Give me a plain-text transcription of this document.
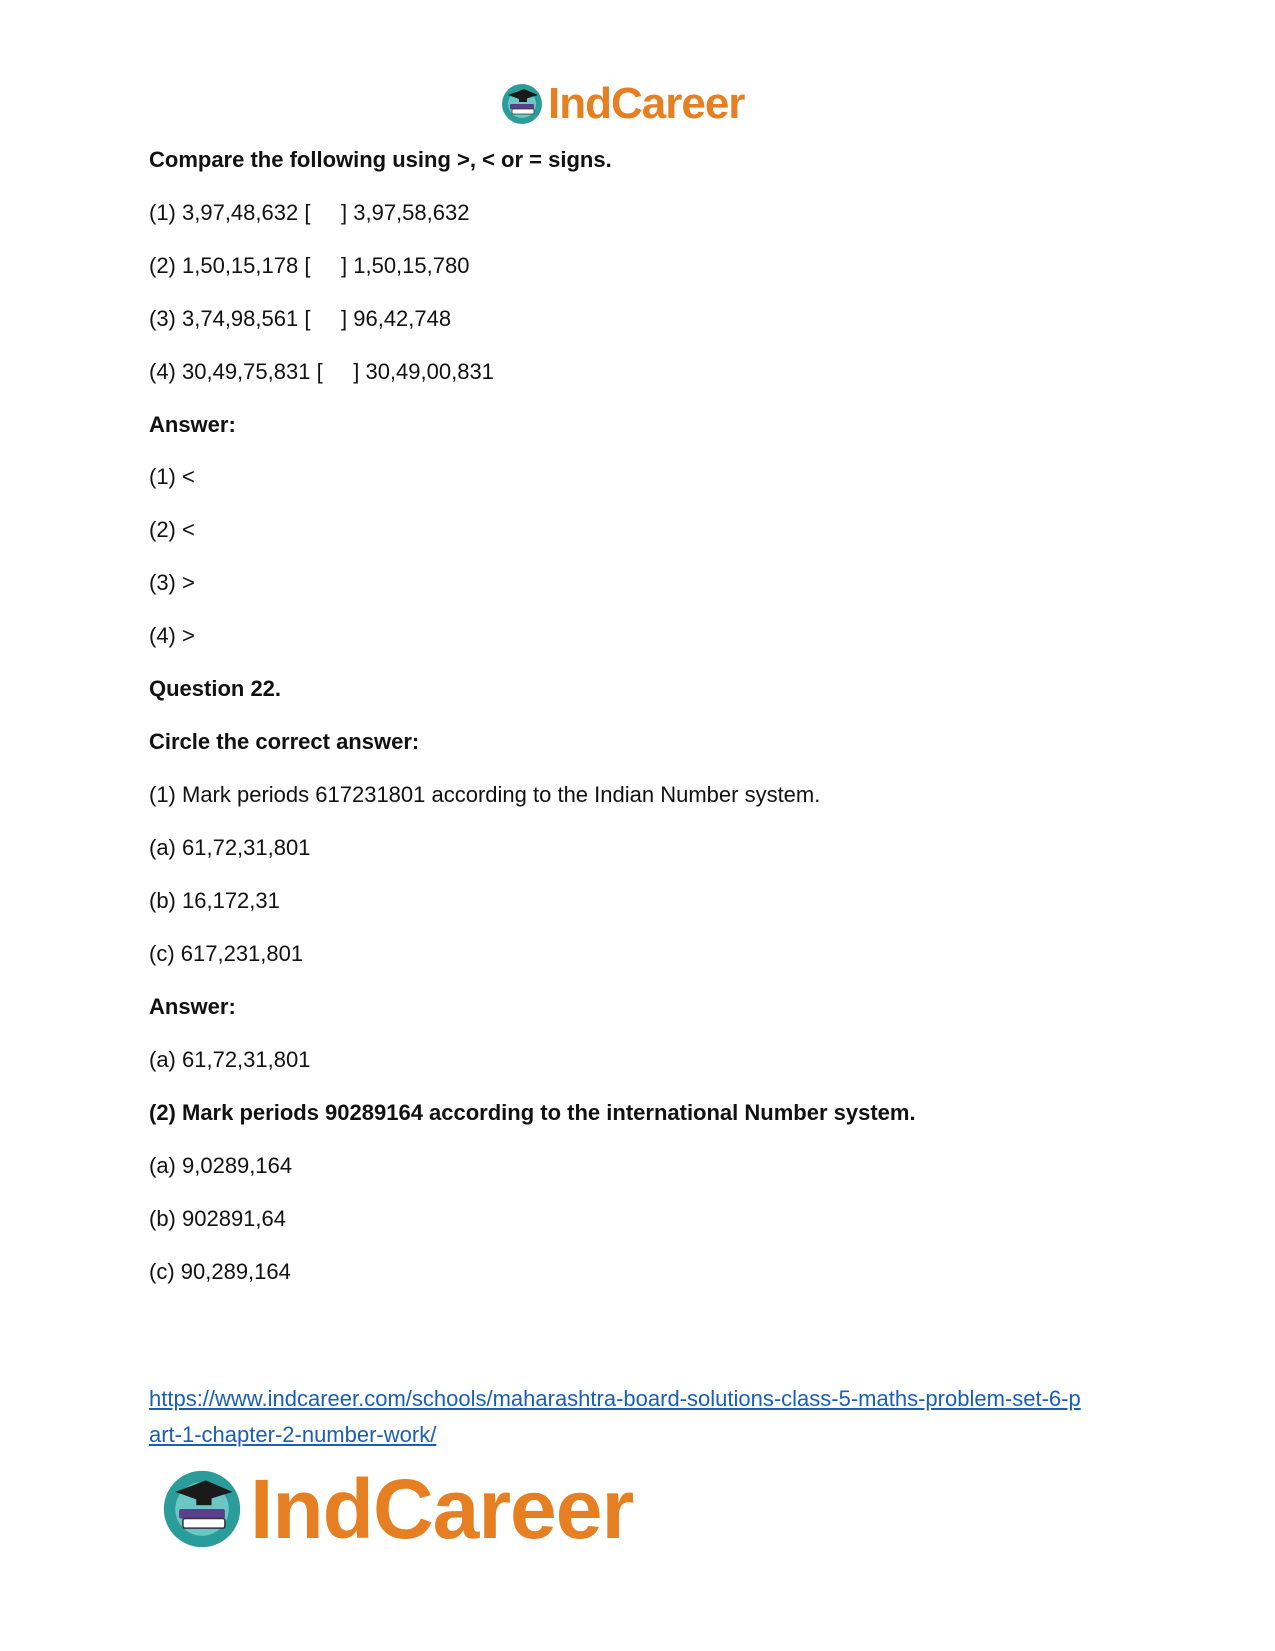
IndCareer
Compare the following using >, < or = signs.
(1) 3,97,48,632 [     ] 3,97,58,632
(2) 1,50,15,178 [     ] 1,50,15,780
(3) 3,74,98,561 [     ] 96,42,748
(4) 30,49,75,831 [     ] 30,49,00,831
Answer:
(1) <
(2) <
(3) >
(4) >
Question 22.
Circle the correct answer:
(1) Mark periods 617231801 according to the Indian Number system.
(a) 61,72,31,801
(b) 16,172,31
(c) 617,231,801
Answer:
(a) 61,72,31,801
(2) Mark periods 90289164 according to the international Number system.
(a) 9,0289,164
(b) 902891,64
(c) 90,289,164
https://www.indcareer.com/schools/maharashtra-board-solutions-class-5-maths-problem-set-6-p
art-1-chapter-2-number-work/
IndCareer
